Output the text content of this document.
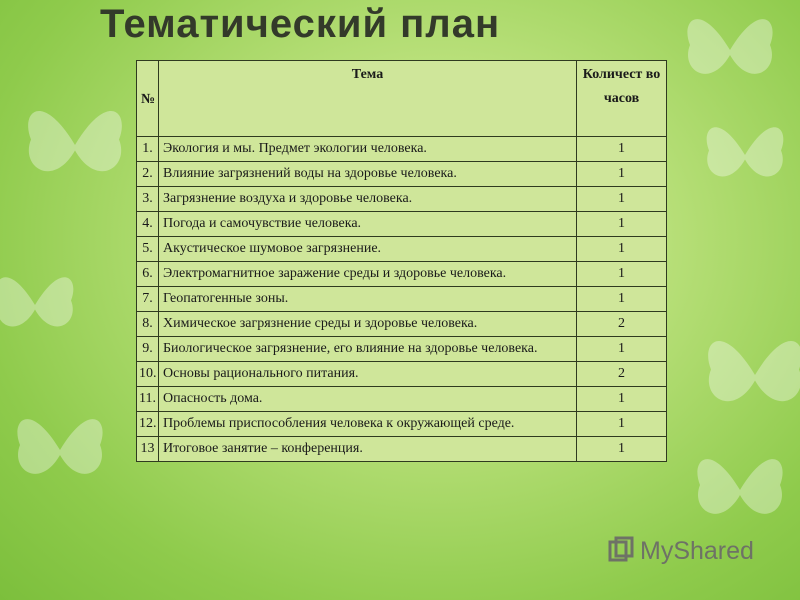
Тематический план
№	Тема	Количест во часов
1.	Экология и мы. Предмет экологии человека.	1
2.	Влияние загрязнений воды на здоровье человека.	1
3.	Загрязнение воздуха и здоровье человека.	1
4.	Погода и самочувствие человека.	1
5.	Акустическое шумовое загрязнение.	1
6.	Электромагнитное заражение среды и здоровье человека.	1
7.	Геопатогенные зоны.	1
8.	Химическое загрязнение среды и здоровье человека.	2
9.	Биологическое загрязнение, его влияние на здоровье человека.	1
10.	Основы рационального питания.	2
11.	Опасность дома.	1
12.	Проблемы приспособления человека к окружающей среде.	1
13	Итоговое занятие – конференция.	1
MyShared
